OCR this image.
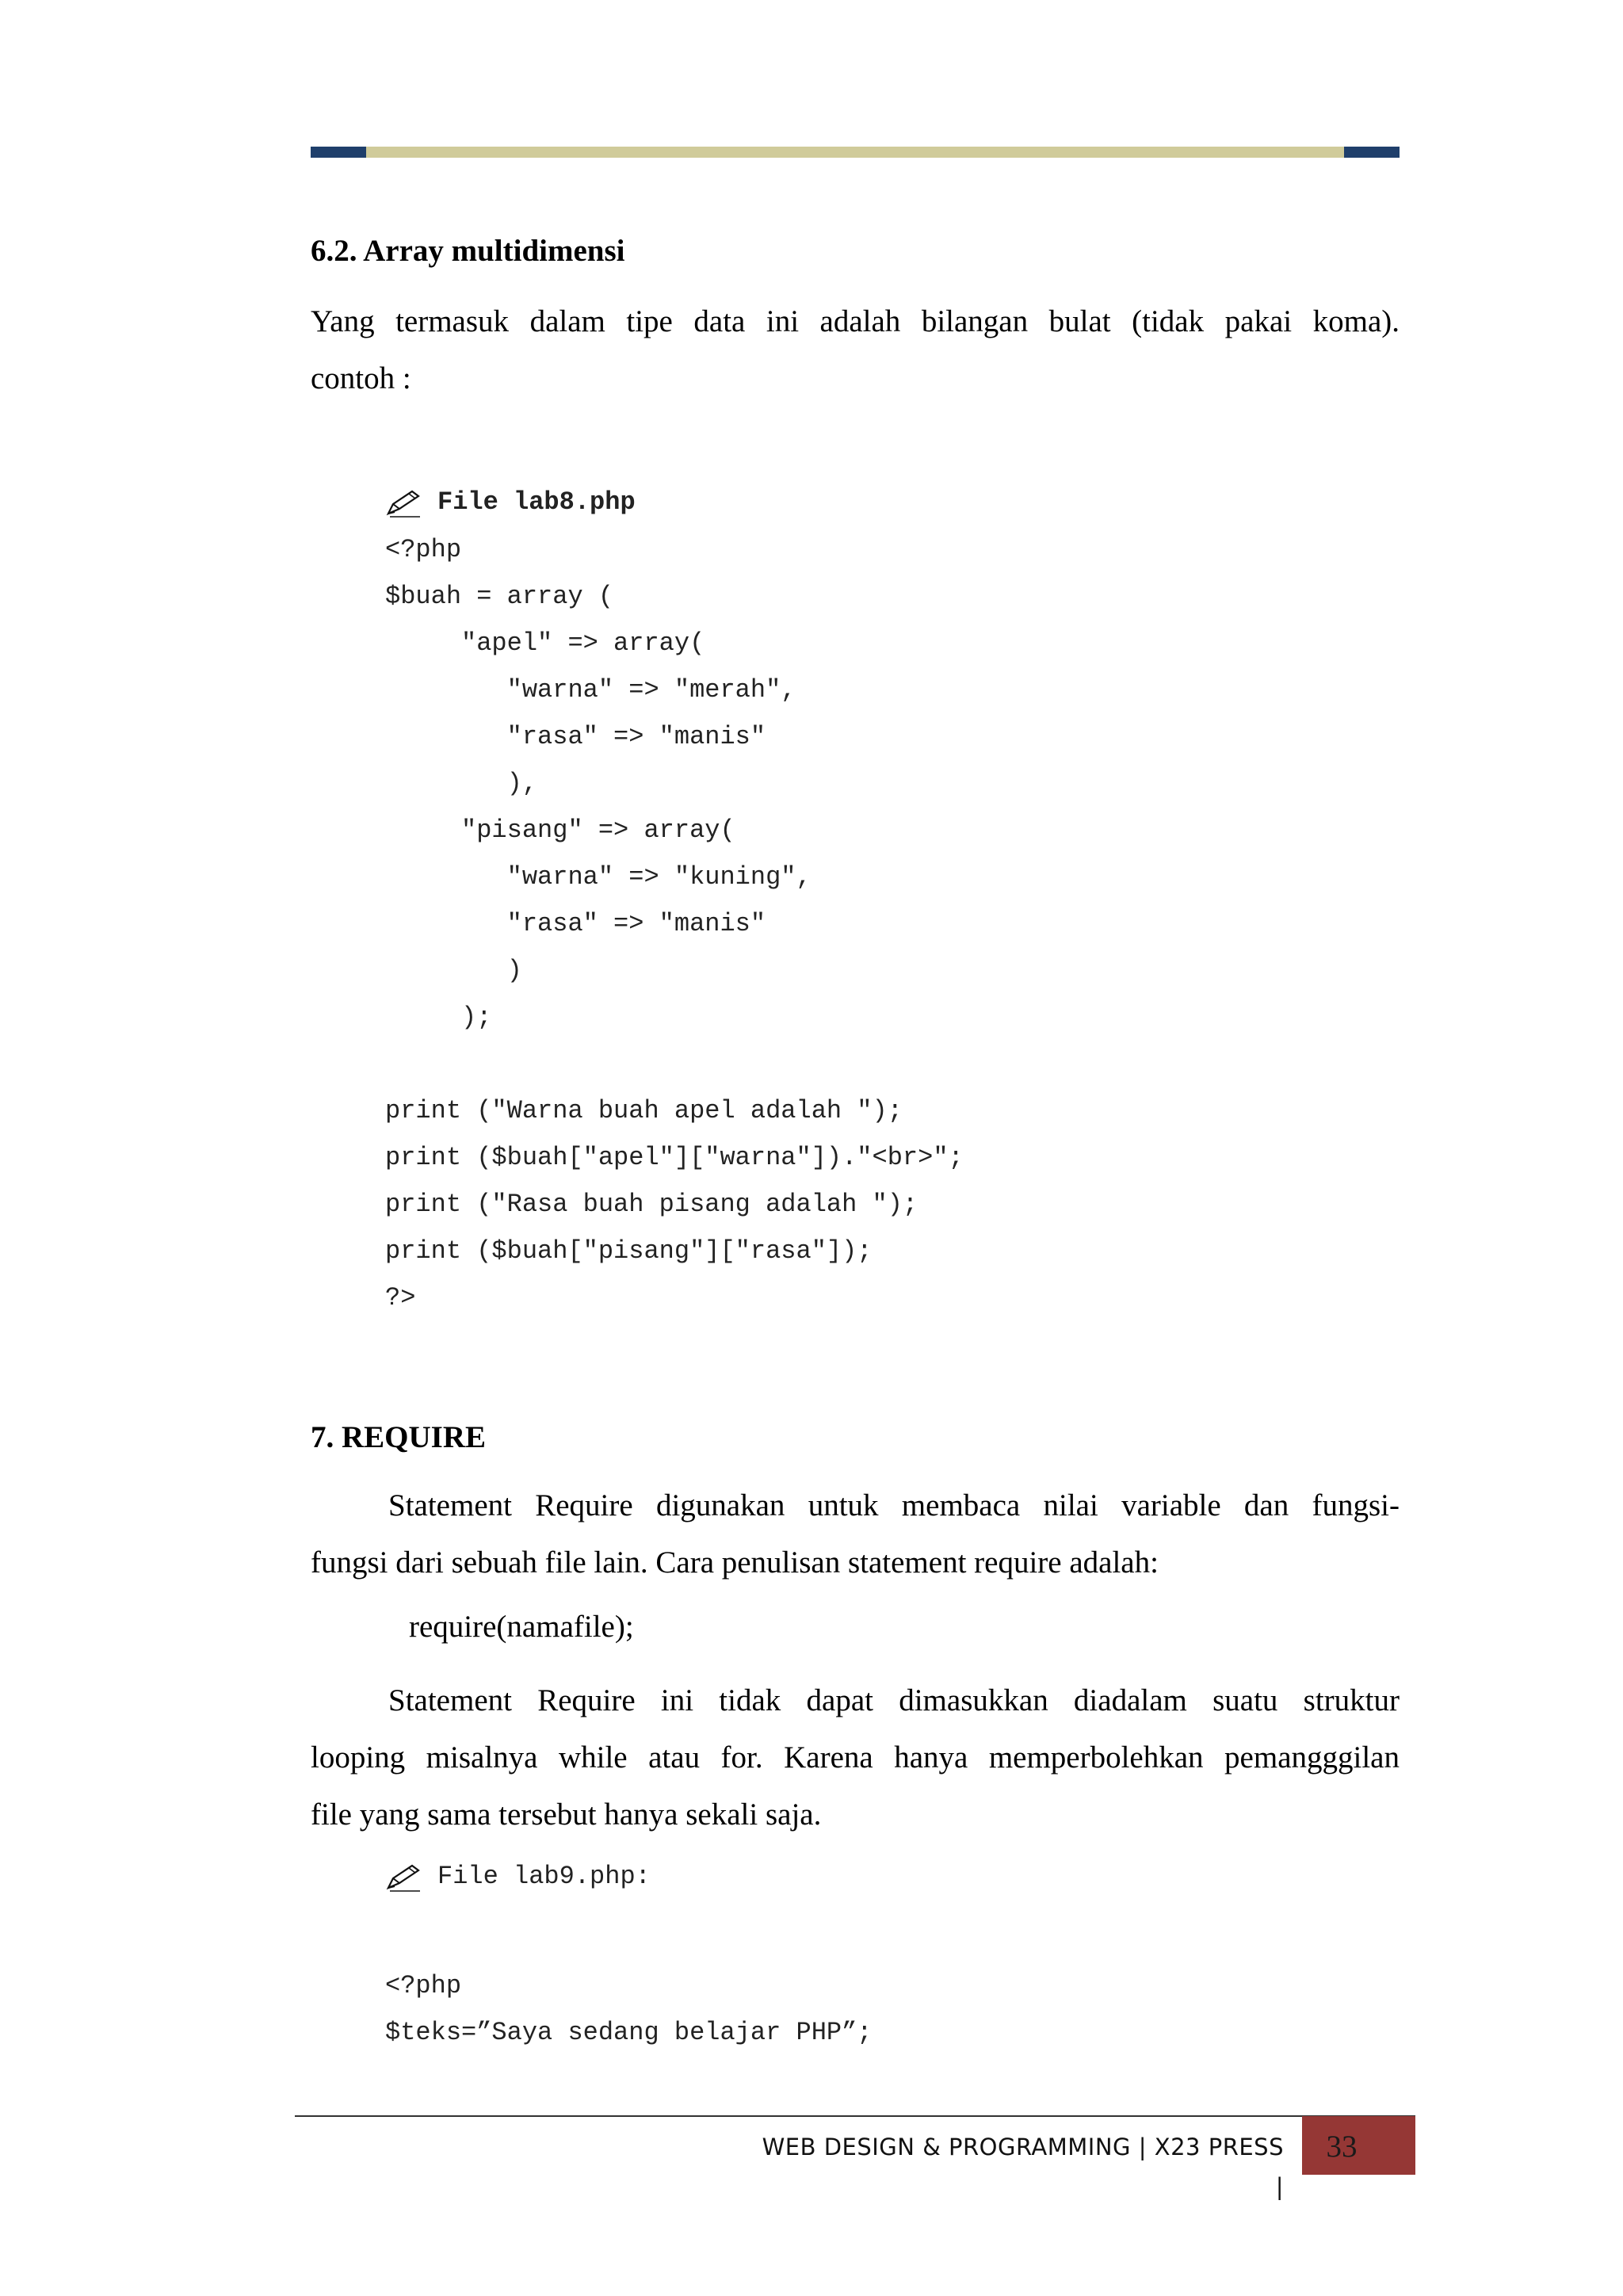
6.2. Array multidimensi
Yang termasuk dalam tipe data ini adalah bilangan bulat (tidak pakai koma).
contoh :
File lab8.php
<?php
$buah = array (
"apel" => array(
"warna" => "merah",
"rasa" => "manis"
),
"pisang" => array(
"warna" => "kuning",
"rasa" => "manis"
)
);
print ("Warna buah apel adalah ");
print ($buah["apel"]["warna"])."<br>";
print ("Rasa buah pisang adalah ");
print ($buah["pisang"]["rasa"]);
?>
7. REQUIRE
Statement Require digunakan untuk membaca nilai variable dan fungsi-
fungsi dari sebuah file lain. Cara penulisan statement require adalah:
require(namafile);
Statement Require ini tidak dapat dimasukkan diadalam suatu struktur
looping misalnya while atau for. Karena hanya memperbolehkan pemangggilan
file yang sama tersebut hanya sekali saja.
File lab9.php:
<?php
$teks=”Saya sedang belajar PHP”;
WEB DESIGN & PROGRAMMING | X23 PRESS |
33
